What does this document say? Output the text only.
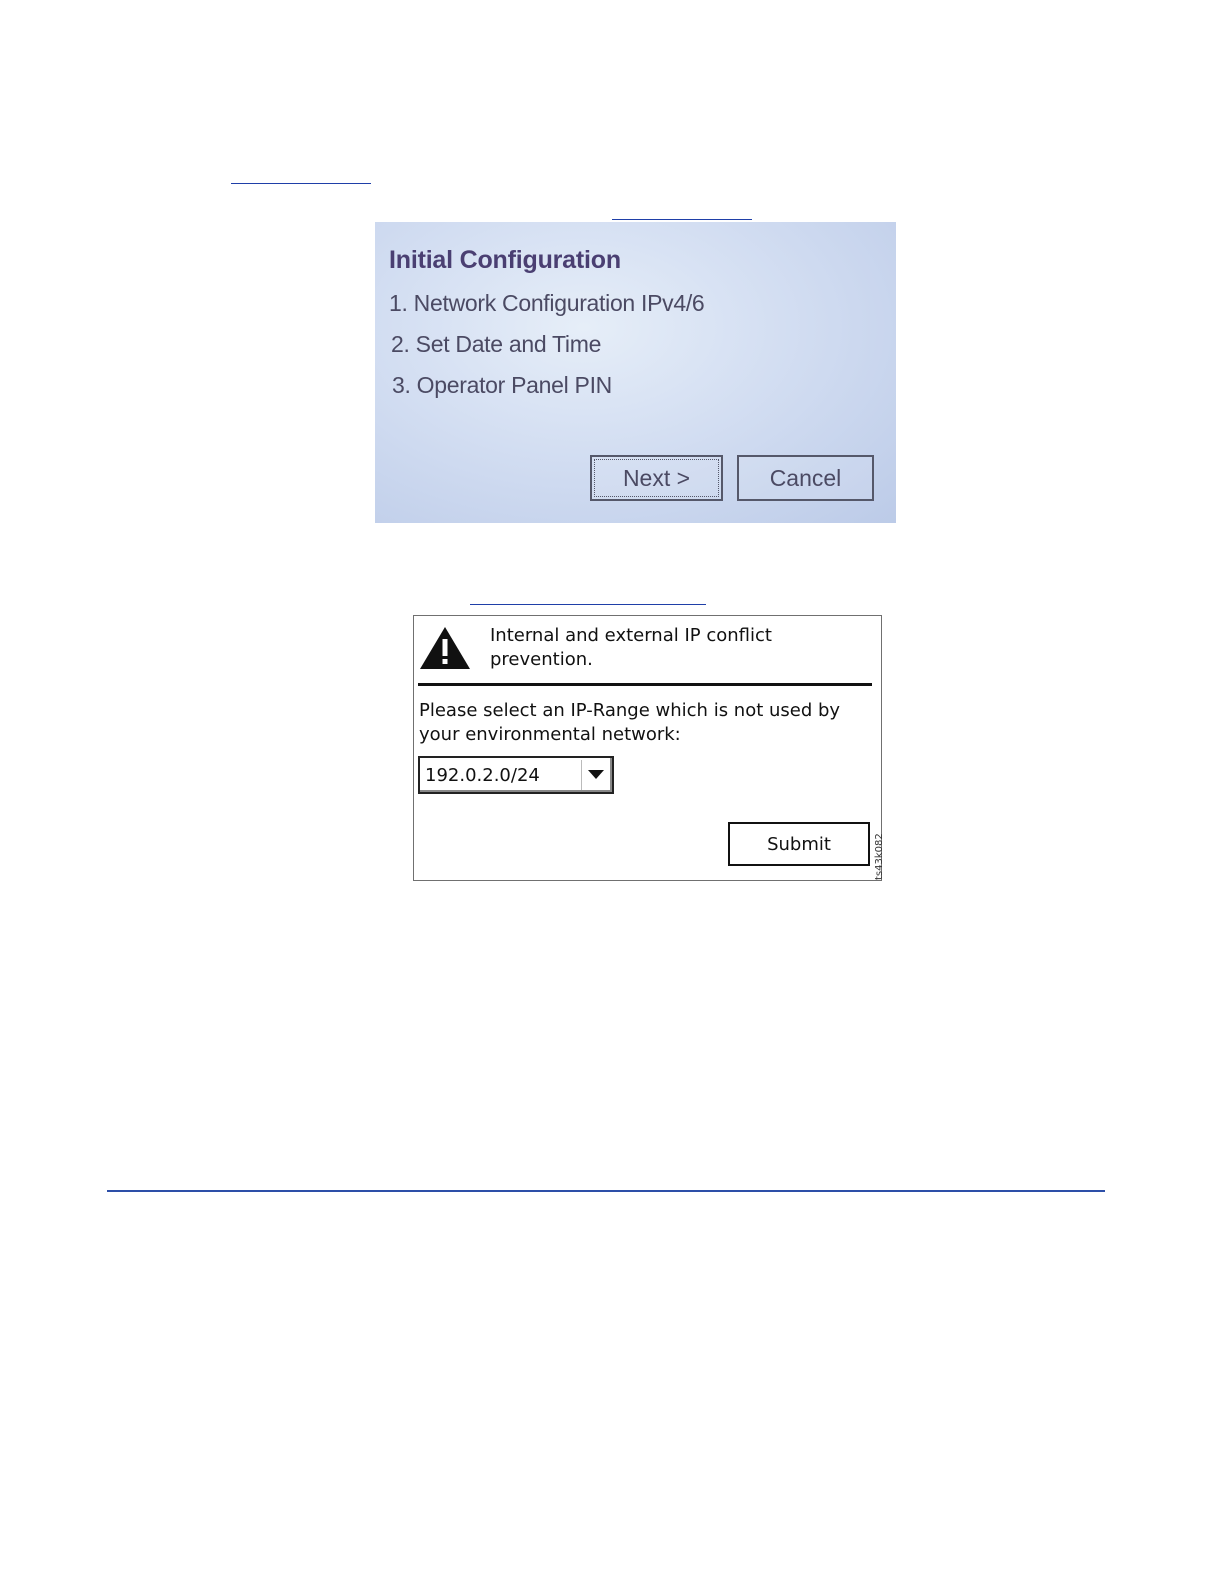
Initial Configuration
1. Network Configuration IPv4/6
2. Set Date and Time
3. Operator Panel PIN
Next >	Cancel
Internal and external IP conflict prevention.
Please select an IP-Range which is not used by your environmental network:
192.0.2.0/24
Submit	ts43k082
